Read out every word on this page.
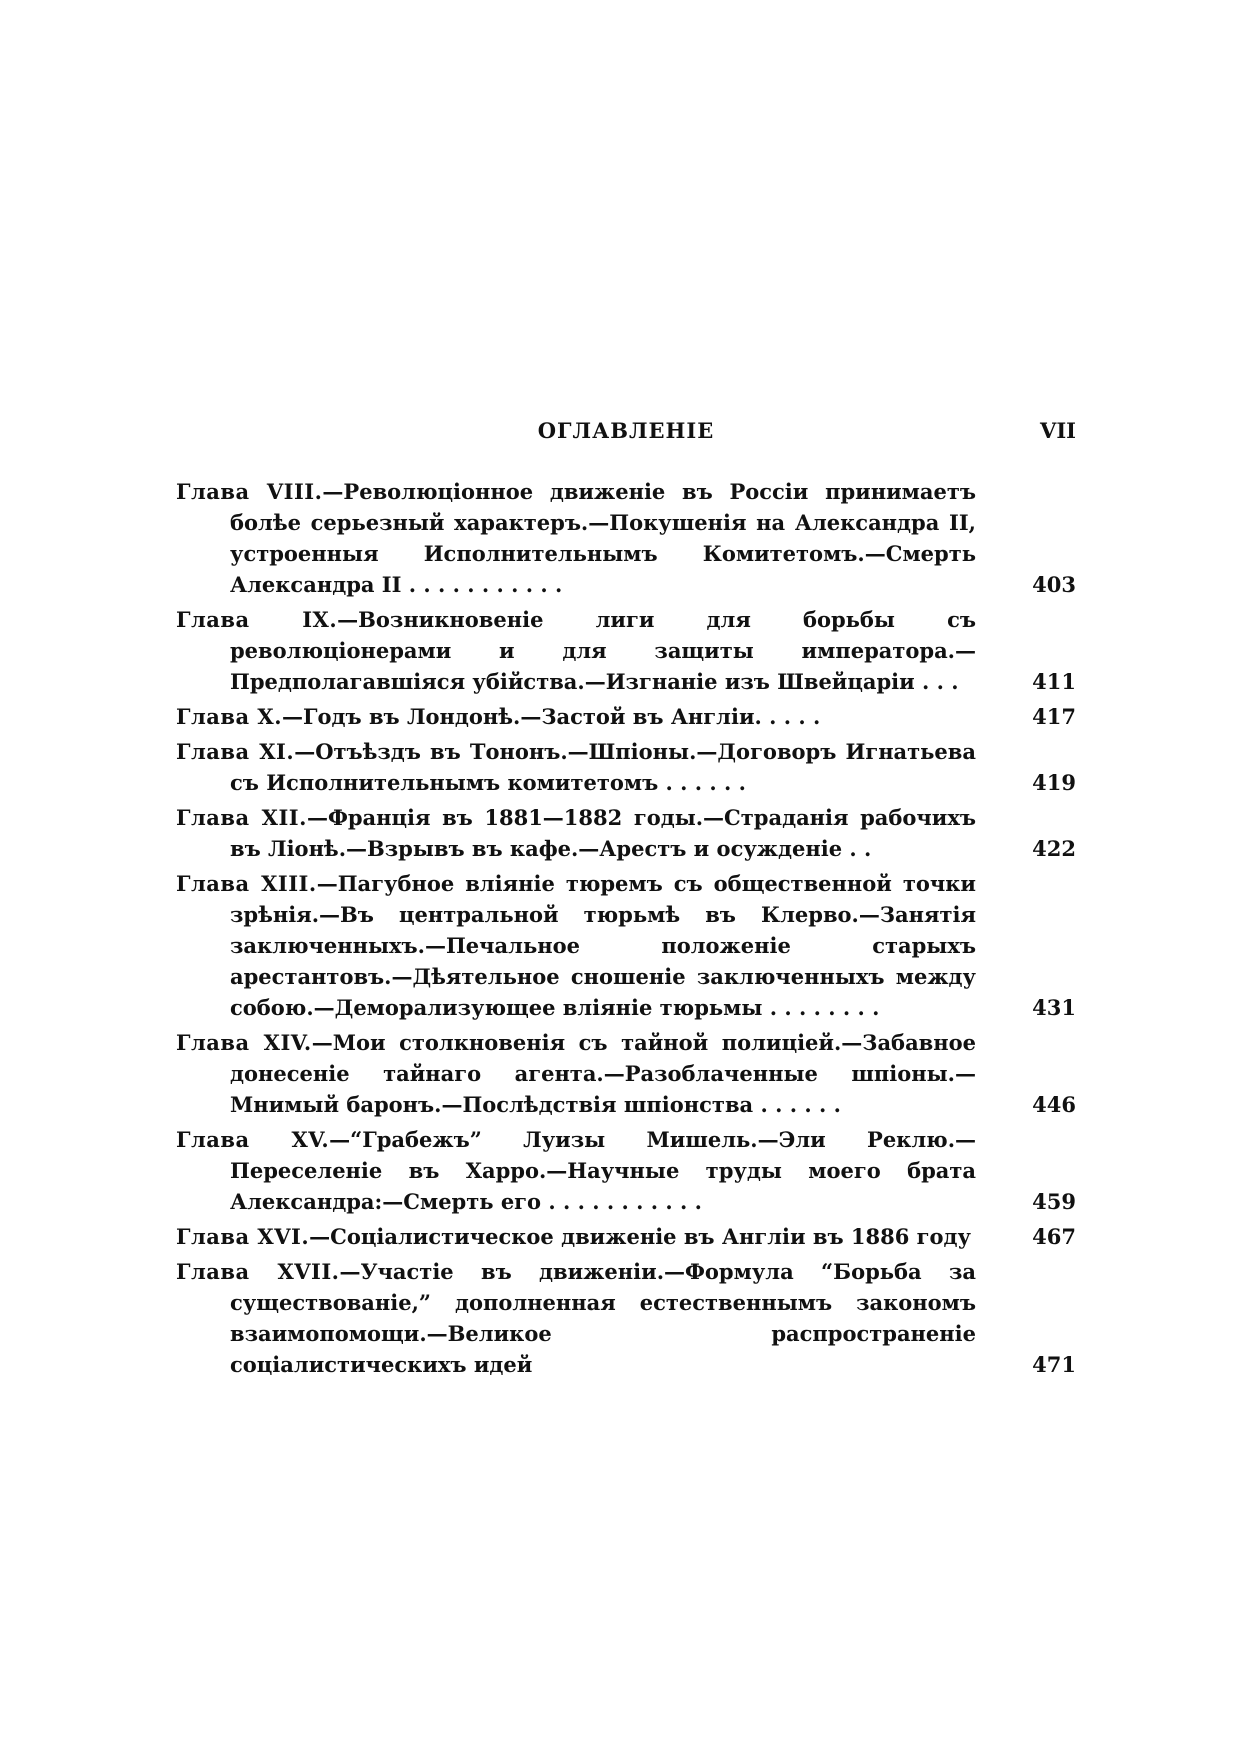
ОГЛАВЛЕНІЕ	VII
Глава VIII.—Революціонное движеніе въ Россіи принимаетъ болѣе серьезный характеръ.—Покушенія на Александра II, устроенныя Исполнительнымъ Комитетомъ.—Смерть Александра II . . . . . . . . . . .	403
Глава IX.—Возникновеніе лиги для борьбы съ революціонерами и для защиты императора.—Предполагавшіяся убійства.—Изгнаніе изъ Швейцаріи . . .	411
Глава X.—Годъ въ Лондонѣ.—Застой въ Англіи. . . . .	417
Глава XI.—Отъѣздъ въ Тононъ.—Шпіоны.—Договоръ Игнатьева съ Исполнительнымъ комитетомъ . . . . . .	419
Глава XII.—Франція въ 1881—1882 годы.—Страданія рабочихъ въ Ліонѣ.—Взрывъ въ кафе.—Арестъ и осужденіе . .	422
Глава XIII.—Пагубное вліяніе тюремъ съ общественной точки зрѣнія.—Въ центральной тюрьмѣ въ Клерво.—Занятія заключенныхъ.—Печальное положеніе старыхъ арестантовъ.—Дѣятельное сношеніе заключенныхъ между собою.—Деморализующее вліяніе тюрьмы . . . . . . . .	431
Глава XIV.—Мои столкновенія съ тайной полиціей.—Забавное донесеніе тайнаго агента.—Разоблаченные шпіоны.—Мнимый баронъ.—Послѣдствія шпіонства . . . . . .	446
Глава XV.—“Грабежъ” Луизы Мишель.—Эли Реклю.—Переселеніе въ Харро.—Научные труды моего брата Александра:—Смерть его . . . . . . . . . . .	459
Глава XVI.—Соціалистическое движеніе въ Англіи въ 1886 году	467
Глава XVII.—Участіе въ движеніи.—Формула “Борьба за существованіе,” дополненная естественнымъ закономъ взаимопомощи.—Великое распространеніе соціалистическихъ идей	471
